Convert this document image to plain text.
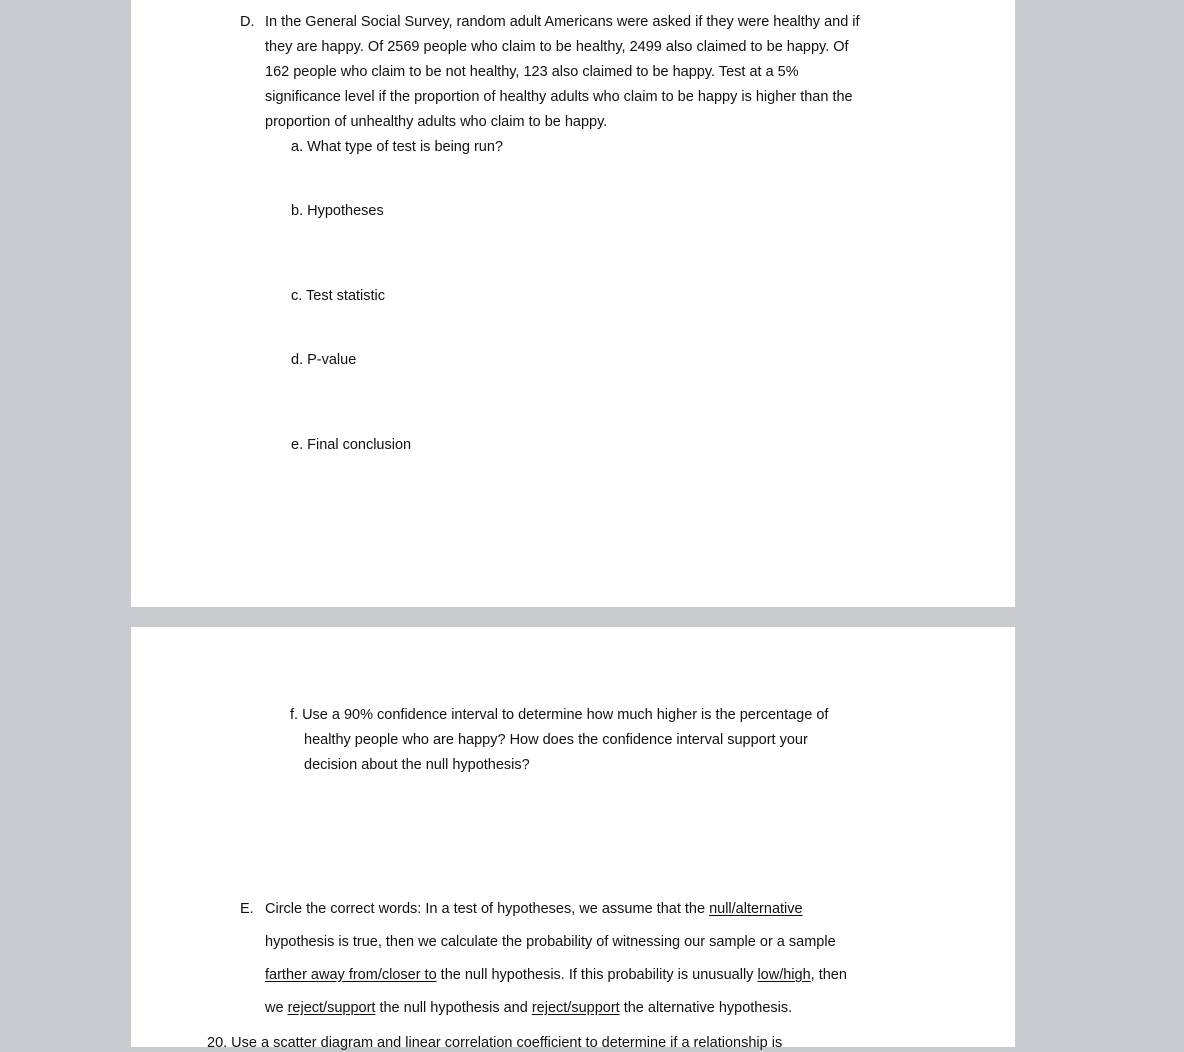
D. In the General Social Survey, random adult Americans were asked if they were healthy and if
they are happy. Of 2569 people who claim to be healthy, 2499 also claimed to be happy. Of
162 people who claim to be not healthy, 123 also claimed to be happy. Test at a 5%
significance level if the proportion of healthy adults who claim to be happy is higher than the
proportion of unhealthy adults who claim to be happy.
a. What type of test is being run?
b. Hypotheses
c. Test statistic
d. P-value
e. Final conclusion
f. Use a 90% confidence interval to determine how much higher is the percentage of
healthy people who are happy? How does the confidence interval support your
decision about the null hypothesis?
E. Circle the correct words: In a test of hypotheses, we assume that the null/alternative
hypothesis is true, then we calculate the probability of witnessing our sample or a sample
farther away from/closer to the null hypothesis. If this probability is unusually low/high, then
we reject/support the null hypothesis and reject/support the alternative hypothesis.
20. Use a scatter diagram and linear correlation coefficient to determine if a relationship is
